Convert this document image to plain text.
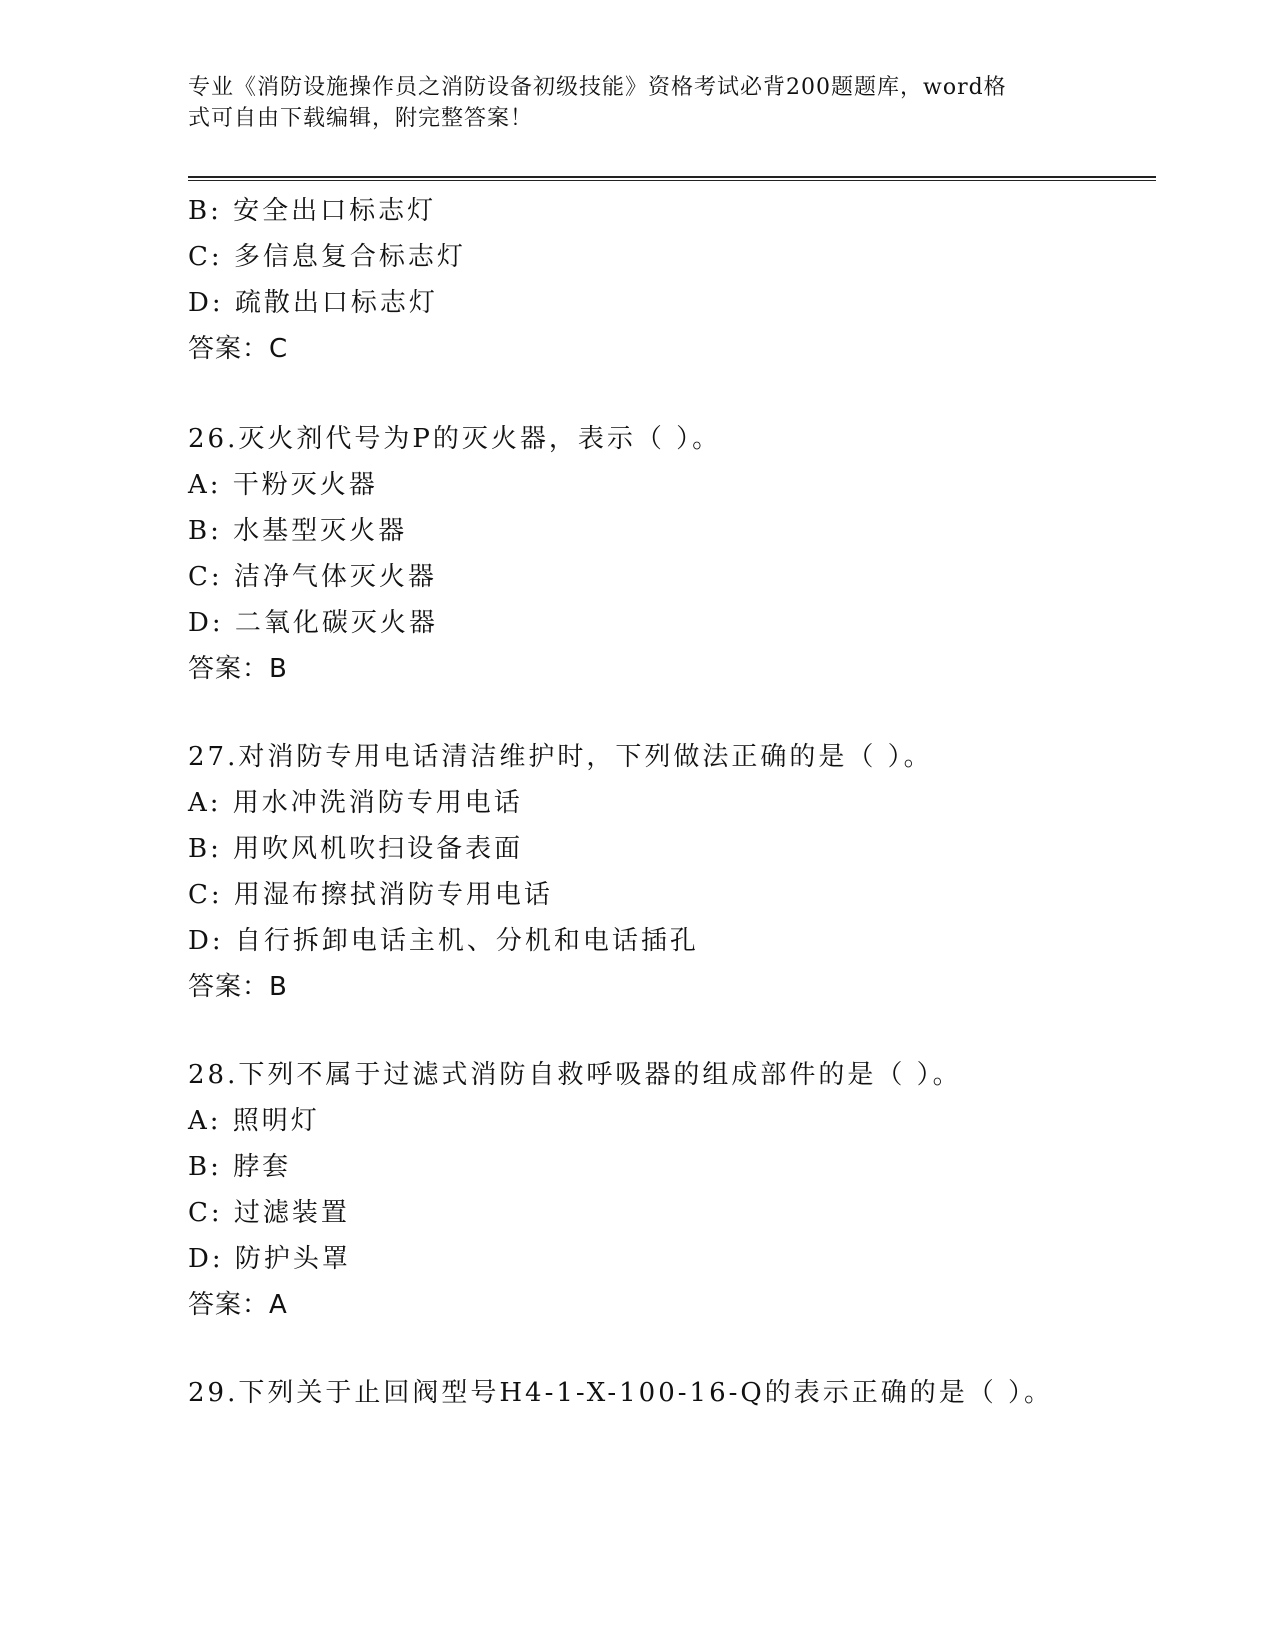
专业《消防设施操作员之消防设备初级技能》资格考试必背200题题库，word格
式可自由下载编辑，附完整答案！
B: 安全出口标志灯
C: 多信息复合标志灯
D: 疏散出口标志灯
答案：C
26.灭火剂代号为P的灭火器，表示（ ）。
A: 干粉灭火器
B: 水基型灭火器
C: 洁净气体灭火器
D: 二氧化碳灭火器
答案：B
27.对消防专用电话清洁维护时，下列做法正确的是（ ）。
A: 用水冲洗消防专用电话
B: 用吹风机吹扫设备表面
C: 用湿布擦拭消防专用电话
D: 自行拆卸电话主机、分机和电话插孔
答案：B
28.下列不属于过滤式消防自救呼吸器的组成部件的是（ ）。
A: 照明灯
B: 脖套
C: 过滤装置
D: 防护头罩
答案：A
29.下列关于止回阀型号H4-1-X-100-16-Q的表示正确的是（ ）。
